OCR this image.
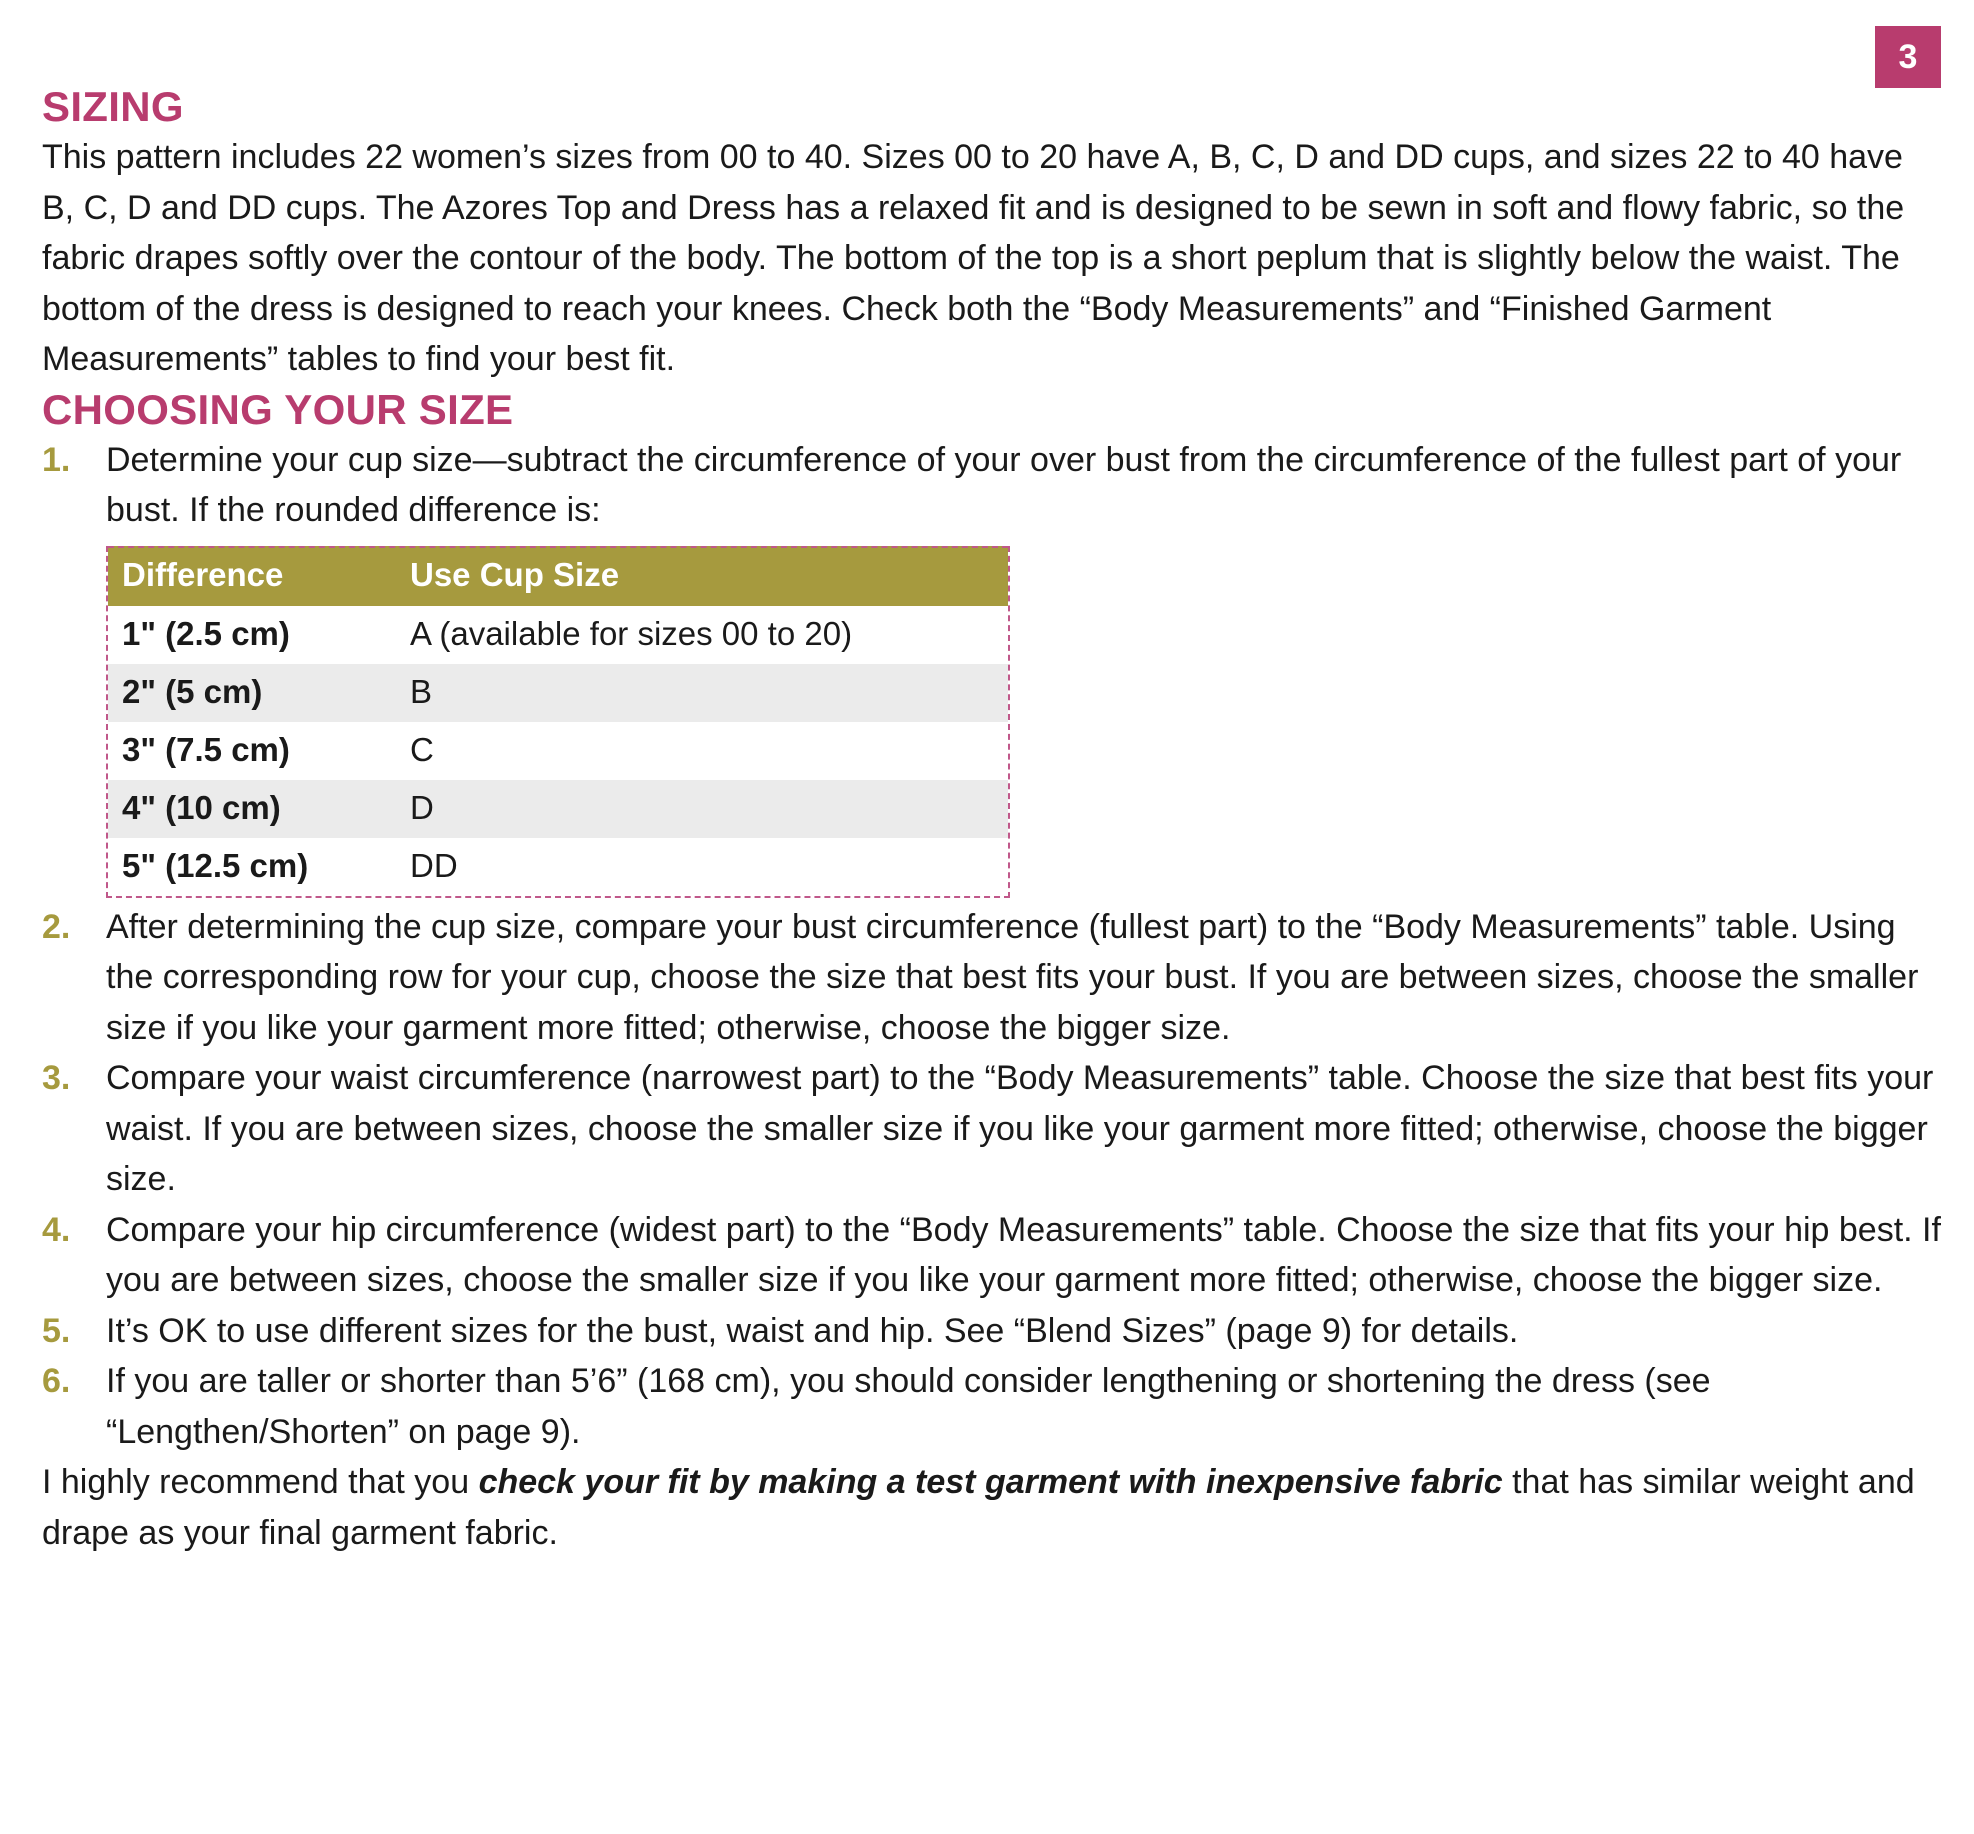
3
SIZING

This pattern includes 22 women’s sizes from 00 to 40. Sizes 00 to 20 have A, B, C, D and DD cups, and sizes 22 to 40 have B, C, D and DD cups. The Azores Top and Dress has a relaxed fit and is designed to be sewn in soft and flowy fabric, so the fabric drapes softly over the contour of the body. The bottom of the top is a short peplum that is slightly below the waist. The bottom of the dress is designed to reach your knees. Check both the “Body Measurements” and “Finished Garment Measurements” tables to find your best fit.

CHOOSING YOUR SIZE
1. Determine your cup size—subtract the circumference of your over bust from the circumference of the fullest part of your bust. If the rounded difference is:
Difference	Use Cup Size
1" (2.5 cm)	A (available for sizes 00 to 20)
2" (5 cm)	B
3" (7.5 cm)	C
4" (10 cm)	D
5" (12.5 cm)	DD
2. After determining the cup size, compare your bust circumference (fullest part) to the “Body Measurements” table. Using the corresponding row for your cup, choose the size that best fits your bust. If you are between sizes, choose the smaller size if you like your garment more fitted; otherwise, choose the bigger size.
3. Compare your waist circumference (narrowest part) to the “Body Measurements” table. Choose the size that best fits your waist. If you are between sizes, choose the smaller size if you like your garment more fitted; otherwise, choose the bigger size.
4. Compare your hip circumference (widest part) to the “Body Measurements” table. Choose the size that fits your hip best. If you are between sizes, choose the smaller size if you like your garment more fitted; otherwise, choose the bigger size.
5. It’s OK to use different sizes for the bust, waist and hip. See “Blend Sizes” (page 9) for details.
6. If you are taller or shorter than 5’6” (168 cm), you should consider lengthening or shortening the dress (see “Lengthen/Shorten” on page 9).

I highly recommend that you check your fit by making a test garment with inexpensive fabric that has similar weight and drape as your final garment fabric.
